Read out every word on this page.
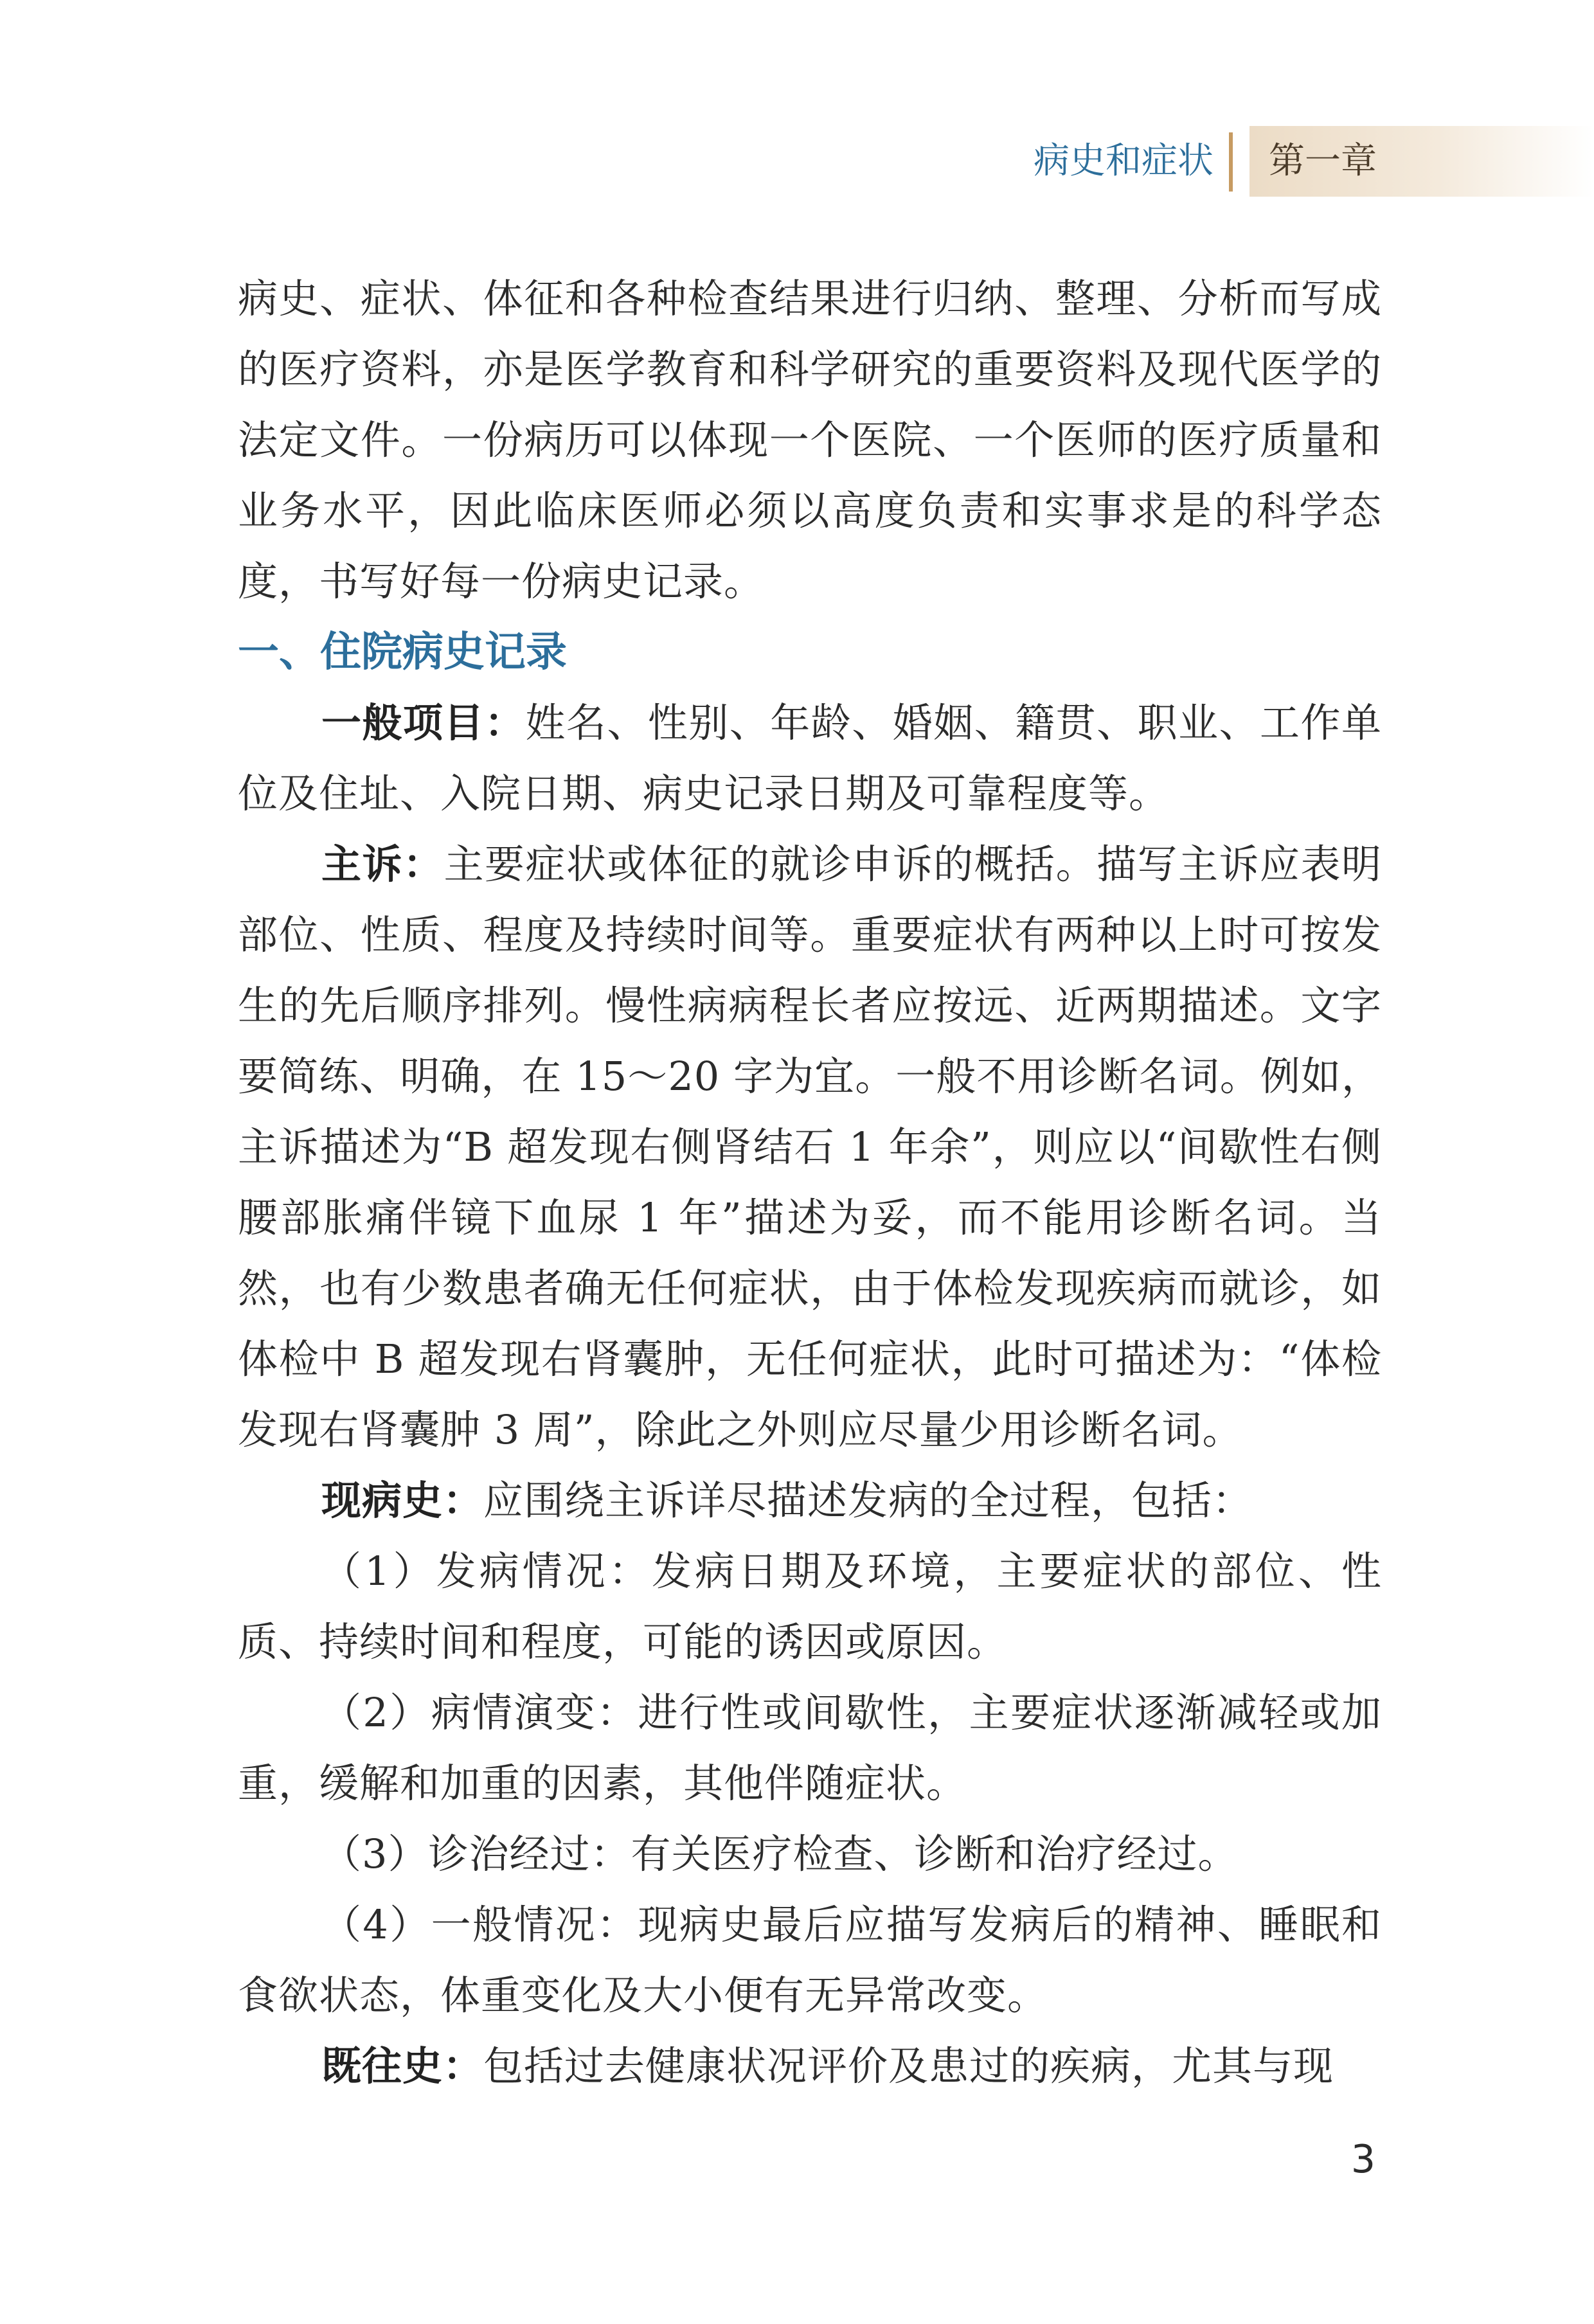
病史和症状 第一章

病史、症状、体征和各种检查结果进行归纳、整理、分析而写成的医疗资料，亦是医学教育和科学研究的重要资料及现代医学的法定文件。一份病历可以体现一个医院、一个医师的医疗质量和业务水平，因此临床医师必须以高度负责和实事求是的科学态度，书写好每一份病史记录。

一、住院病史记录

一般项目：姓名、性别、年龄、婚姻、籍贯、职业、工作单位及住址、入院日期、病史记录日期及可靠程度等。

主诉：主要症状或体征的就诊申诉的概括。描写主诉应表明部位、性质、程度及持续时间等。重要症状有两种以上时可按发生的先后顺序排列。慢性病病程长者应按远、近两期描述。文字要简练、明确，在 15～20 字为宜。一般不用诊断名词。例如，主诉描述为“B 超发现右侧肾结石 1 年余”，则应以“间歇性右侧腰部胀痛伴镜下血尿 1 年”描述为妥，而不能用诊断名词。当然，也有少数患者确无任何症状，由于体检发现疾病而就诊，如体检中 B 超发现右肾囊肿，无任何症状，此时可描述为：“体检发现右肾囊肿 3 周”，除此之外则应尽量少用诊断名词。

现病史：应围绕主诉详尽描述发病的全过程，包括：

（1）发病情况：发病日期及环境，主要症状的部位、性质、持续时间和程度，可能的诱因或原因。

（2）病情演变：进行性或间歇性，主要症状逐渐减轻或加重，缓解和加重的因素，其他伴随症状。

（3）诊治经过：有关医疗检查、诊断和治疗经过。

（4）一般情况：现病史最后应描写发病后的精神、睡眠和食欲状态，体重变化及大小便有无异常改变。

既往史：包括过去健康状况评价及患过的疾病，尤其与现

3
